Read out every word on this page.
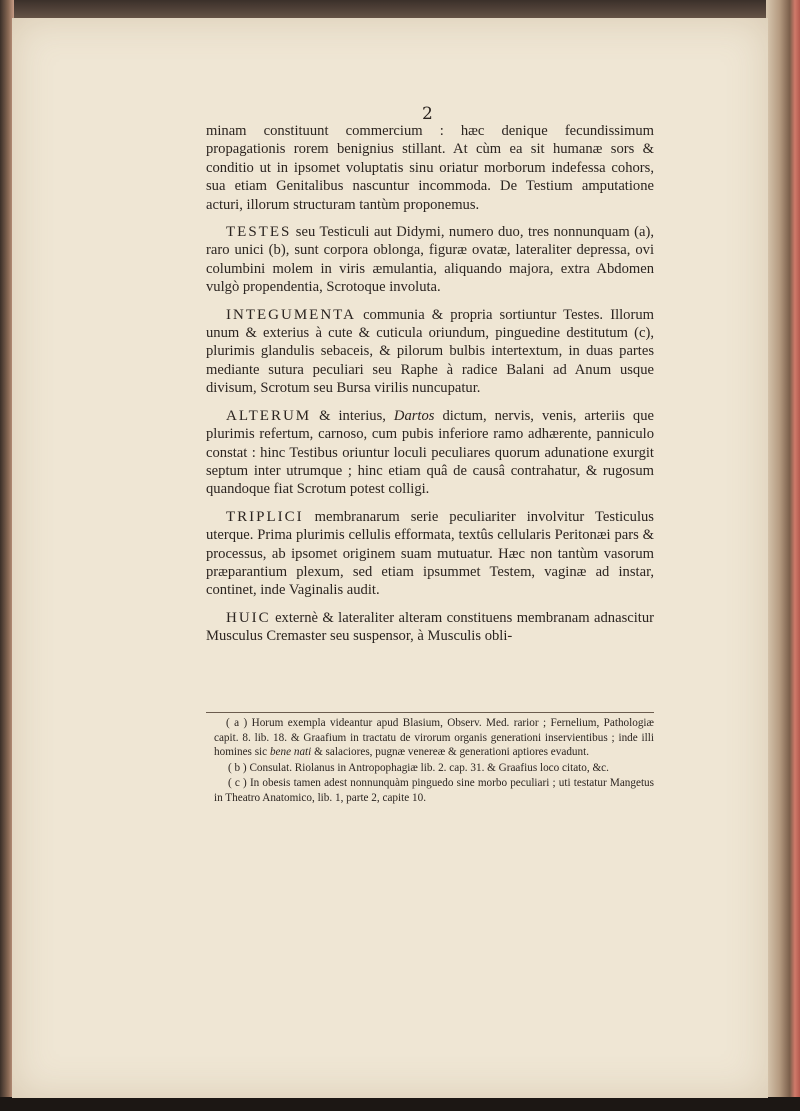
2

minam constituunt commercium : hæc denique fecundissimum propagationis rorem benignius stillant. At cùm ea sit humanæ sors & conditio ut in ipsomet voluptatis sinu oriatur morborum indefessa cohors, sua etiam Genitalibus nascuntur incommoda. De Testium amputatione acturi, illorum structuram tantùm proponemus.

TESTES seu Testiculi aut Didymi, numero duo, tres nonnunquam (a), raro unici (b), sunt corpora oblonga, figuræ ovatæ, lateraliter depressa, ovi columbini molem in viris æmulantia, aliquando majora, extra Abdomen vulgò propendentia, Scrotoque involuta.

INTEGUMENTA communia & propria sortiuntur Testes. Illorum unum & exterius à cute & cuticula oriundum, pinguedine destitutum (c), plurimis glandulis sebaceis, & pilorum bulbis intertextum, in duas partes mediante sutura peculiari seu Raphe à radice Balani ad Anum usque divisum, Scrotum seu Bursa virilis nuncupatur.

ALTERUM & interius, Dartos dictum, nervis, venis, arteriis que plurimis refertum, carnoso, cum pubis inferiore ramo adhærente, panniculo constat : hinc Testibus oriuntur loculi peculiares quorum adunatione exurgit septum inter utrumque ; hinc etiam quâ de causâ contrahatur, & rugosum quandoque fiat Scrotum potest colligi.

TRIPLICI membranarum serie peculiariter involvitur Testiculus uterque. Prima plurimis cellulis efformata, textûs cellularis Peritonæi pars & processus, ab ipsomet originem suam mutuatur. Hæc non tantùm vasorum præparantium plexum, sed etiam ipsummet Testem, vaginæ ad instar, continet, inde Vaginalis audit.

HUIC externè & lateraliter alteram constituens membranam adnascitur Musculus Cremaster seu suspensor, à Musculis obli-

( a ) Horum exempla videantur apud Blasium, Observ. Med. rarior ; Fernelium, Pathologiæ capit. 8. lib. 18. & Graafium in tractatu de virorum organis generationi inservientibus ; inde illi homines sic bene nati & salaciores, pugnæ venereæ & generationi aptiores evadunt.

( b ) Consulat. Riolanus in Antropophagiæ lib. 2. cap. 31. & Graafius loco citato, &c.

( c ) In obesis tamen adest nonnunquàm pinguedo sine morbo peculiari ; uti testatur Mangetus in Theatro Anatomico, lib. 1, parte 2, capite 10.
